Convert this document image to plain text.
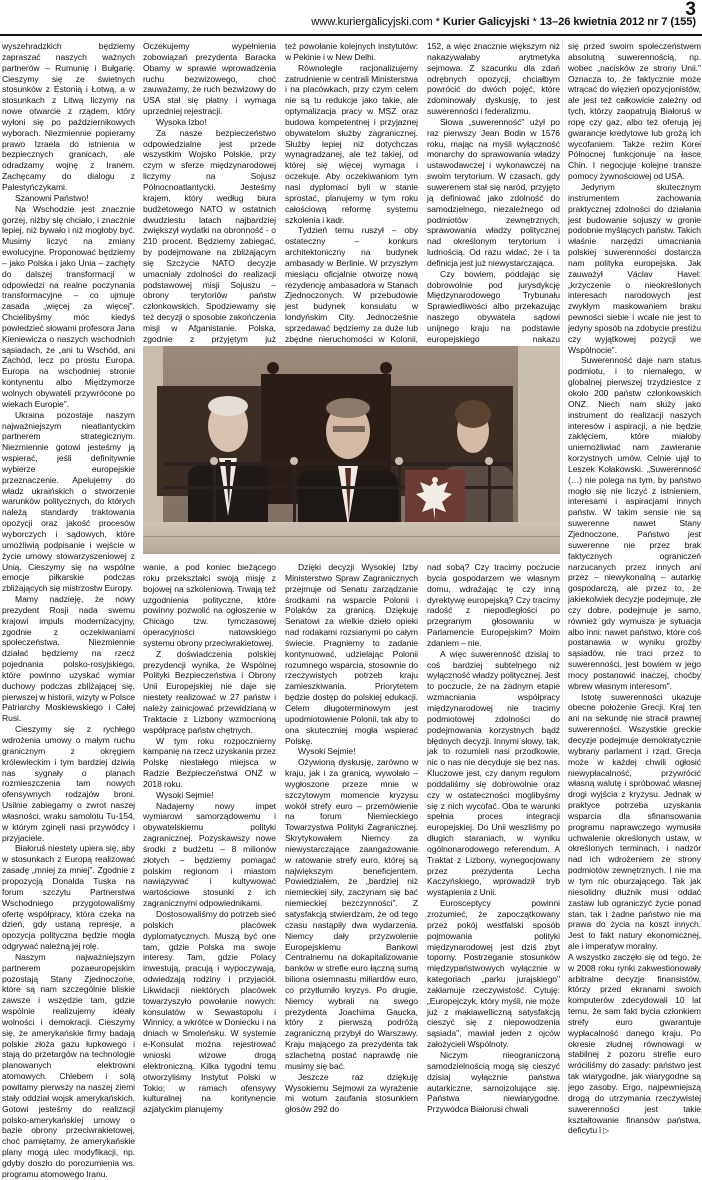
3
www.kuriergalicyjski.com * Kurier Galicyjski * 13–26 kwietnia 2012 nr 7 (155)

wyszehradzkich będziemy zapraszać naszych ważnych partnerów – Rumunię i Bułgarię. Cieszymy się ze świetnych stosunków z Estonią i Łotwą, a w stosunkach z Litwą liczymy na nowe otwarcie z rządem, który wyłoni się po październikowych wyborach. Niezmiennie popieramy prawo Izraela do istnienia w bezpiecznych granicach, ale odradzamy wojnę z Iranem. Zachęcamy do dialogu z Palestyńczykami.

Szanowni Państwo!

Na Wschodzie jest znacznie gorzej, niżby się chciało, i znacznie lepiej, niż bywało i niż mogłoby być. Musimy liczyć na zmiany ewolucyjne. Proponować będziemy – jako Polska i jako Unia – zachęty do dalszej transformacji w odpowiedzi na realne poczynania transformacyjne – co ujmuje zasada „więcej za więcej". Chcielibyśmy móc kiedyś powiedzieć słowami profesora Jana Kieniewicza o naszych wschodnich sąsiadach, że „ani tu Wschód, ani Zachód, lecz po prostu Europa. Europa na wschodniej stronie kontynentu albo Międzymorze wolnych obywateli przywrócone po wiekach Europie".

Ukraina pozostaje naszym najważniejszym nieatlantyckim partnerem strategicznym. Niezmiennie gotowi jesteśmy ją wspierać, jeśli definitywnie wybierze europejskie przeznaczenie. Apelujemy do władz ukraińskich o stworzenie warunków politycznych, do których należą standardy traktowania opozycji oraz jakość procesów wyborczych i sądowych, które umożliwią podpisanie i wejście w życie umowy stowarzyszeniowej z Unią. Cieszymy się na wspólne emocje piłkarskie podczas zbliżających się mistrzostw Europy.

Mamy nadzieję, że nowy prezydent Rosji nada swemu krajowi impuls modernizacyjny, zgodnie z oczekiwaniami społeczeństwa. Niezmiennie działać będziemy na rzecz pojednania polsko-rosyjskiego, które powinno uzyskać wymiar duchowy podczas zbliżającej się, pierwszej w historii, wizyty w Polsce Patriarchy Moskiewskiego i Całej Rusi.

Cieszymy się z rychłego wdrożenia umowy o małym ruchu granicznym z okręgiem królewieckim i tym bardziej dziwią nas sygnały o planach rozmieszczenia tam nowych ofensywnych rodzajów broni. Usilnie zabiegamy o zwrot naszej własności, wraku samolotu Tu-154, w którym zginęli nasi przywódcy i przyjaciele.

Białoruś niestety upiera się, aby w stosunkach z Europą realizować zasadę „mniej za mniej". Zgodnie z propozycją Donalda Tuska na forum szczytu Partnerstwa Wschodniego przygotowaliśmy ofertę współpracy, która czeka na dzień, gdy ustaną represje, a opozycja polityczna będzie mogła odgrywać należną jej rolę.

Naszym najważniejszym partnerem pozaeuropejskim pozostają Stany Zjednoczone, które są nam szczególnie bliskie zawsze i wszędzie tam, gdzie wspólnie realizujemy ideały wolności i demokracji. Cieszymy się, że amerykańskie firmy badają polskie złoża gazu łupkowego i stają do przetargów na technologie planowanych elektrowni atomowych. Chlebem i solą powitamy pierwszy na naszej ziemi stały oddział wojsk amerykańskich. Gotowi jesteśmy do realizacji polsko-amerykańskiej umowy o bazie obrony przeciwrakietowej, choć pamiętamy, że amerykańskie plany mogą ulec modyfikacji, np. gdyby doszło do porozumienia ws. programu atomowego Iranu.

Oczekujemy wypełnienia zobowiązań prezydenta Baracka Obamy w sprawie wprowadzenia ruchu bezwizowego, choć zauważamy, że ruch bezwizowy do USA stał się płatny i wymaga uprzedniej rejestracji.

Wysoka Izbo!

Za nasze bezpieczeństwo odpowiedzialne jest przede wszystkim Wojsko Polskie, przy czym w sferze międzynarodowej liczymy na Sojusz Północnoatlantycki. Jesteśmy krajem, który według biura budżetowego NATO w ostatnich dwudziestu latach najbardziej zwiększył wydatki na obronność - o 210 procent. Będziemy zabiegać, by podejmowane na zbliżającym się Szczycie NATO decyzje umacniały zdolności do realizacji podstawowej misji Sojuszu – obrony terytoriów państw członkowskich. Spodziewamy się też decyzji o sposobie zakończenia misji w Afganistanie. Polska, zgodnie z przyjętym już

też powołanie kolejnych instytutów: w Pekinie i w New Delhi.

Równolegle racjonalizujemy zatrudnienie w centrali Ministerstwa i na placówkach, przy czym celem nie są tu redukcje jako takie, ale optymalizacja pracy w MSZ oraz budowa kompetentnej i przyjaznej obywatelom służby zagranicznej. Służby lepiej niż dotychczas wynagradzanej, ale też takiej, od której się więcej wymaga i oczekuje. Aby oczekiwaniom tym nasi dyplomaci byli w stanie sprostać, planujemy w tym roku całościową reformę systemu szkolenia i kadr.

Tydzień temu ruszył – oby ostateczny – konkurs architektoniczny na budynek ambasady w Berlinie. W przyszłym miesiącu oficjalnie otworzę nową rezydencję ambasadora w Stanach Zjednoczonych. W przebudowie jest budynek konsulatu w londyńskim City. Jednocześnie sprzedawać będziemy za duże lub zbędne nieruchomości w Kolonii,

152, a więc znacznie większym niż nakazywałaby arytmetyka sejmowa. Z szacunku dla zdań odrębnych opozycji, chciałbym powrócić do dwóch pojęć, które zdominowały dyskusję, to jest suwerenności i federalizmu.

Słowa „suwerenność" użył po raz pierwszy Jean Bodin w 1576 roku, mając na myśli wyłączność monarchy do sprawowania władzy ustawodawczej i wykonawczej na swoim terytorium. W czasach, gdy suwerenem stał się naród, przyjęto ją definiować jako zdolność do samodzielnego, niezależnego od podmiotów zewnętrznych, sprawowania władzy politycznej nad określonym terytorium i ludnością. Od razu widać, że i ta definicja jest już niewystarczająca.

Czy bowiem, poddając się dobrowolnie pod jurysdykcję Międzynarodowego Trybunału Sprawiedliwości albo przekazując naszego obywatela sądowi unijnego kraju na podstawie europejskiego nakazu

wanie, a pod koniec bieżącego roku przekształci swoją misję z bojowej na szkoleniową. Trwają też uzgodnienia polityczne, które powinny pozwolić na ogłoszenie w Chicago tzw. tymczasowej operacyjności natowskiego systemu obrony przeciwrakietowej.

Z doświadczenia polskiej prezydencji wynika, że Wspólnej Polityki Bezpieczeństwa i Obrony Unii Europejskiej nie daje się niestety realizować w 27 państw i należy zainicjować przewidzianą w Traktacie z Lizbony wzmocnioną współpracę państw chętnych.

W tym roku rozpoczniemy kampanię na rzecz uzyskania przez Polskę niestałego miejsca w Radzie Bezpieczeństwa ONZ w 2018 roku.

Wysoki Sejmie!

Nadajemy nowy impet wymiarowi samorządowemu i obywatelskiemu polityki zagranicznej. Pozyskawszy nowe środki z budżetu – 8 milionów złotych – będziemy pomagać polskim regionom i miastom nawiązywać i kultywować wartościowe stosunki z ich zagranicznymi odpowiednikami.

Dostosowaliśmy do potrzeb sieć polskich placówek dyplomatycznych. Muszą być one tam, gdzie Polska ma swoje interesy. Tam, gdzie Polacy inwestują, pracują i wypoczywają, odwiedzają rodziny i przyjaciół. Likwidacji niektórych placówek towarzyszyło powołanie nowych: konsulatów w Sewastopolu i Winnicy, a wkrótce w Doniecku i na dniach w Smoleńsku. W systemie e-Konsulat można rejestrować wnioski wizowe drogą elektroniczną. Kilka tygodni temu otworzyliśmy Instytut Polski w Tokio; w ramach ofensywy kulturalnej na kontynencie azjatyckim planujemy

Dzięki decyzji Wysokiej Izby Ministerstwo Spraw Zagranicznych przejmuje od Senatu zarządzanie środkami na wsparcie Polonii i Polaków za granicą. Dziękuję Senatowi za wielkie dzieło opieki nad rodakami rozsianymi po całym świecie. Pragniemy to zadanie kontynuować, udzielając Polonii rozumnego wsparcia, stosownie do rzeczywistych potrzeb kraju zamieszkiwania. Priorytetem będzie dostęp do polskiej edukacji. Celem długoterminowym jest upodmiotowienie Polonii, tak aby to ona skuteczniej mogła wspierać Polskę.

Wysoki Sejmie!

Ożywioną dyskusję, zarówno w kraju, jak i za granicą, wywołało – wygłoszone przeze mnie w szczytowym momencie kryzysu wokół strefy euro – przemówienie na forum Niemieckiego Towarzystwa Polityki Zagranicznej. Skrytykowałem Niemcy za niewystarczające zaangażowanie w ratowanie strefy euro, której są największym beneficjentem. Powiedziałem, że „bardziej niż niemieckiej siły, zaczynam się bać niemieckiej bezczynności". Z satysfakcją stwierdzam, że od tego czasu nastąpiły dwa wydarzenia. Niemcy dały przyzwolenie Europejskiemu Bankowi Centralnemu na dokapitalizowanie banków w strefie euro łączną sumą biliona osiemnastu miliardów euro, co przytłumiło kryzys. Po drugie, Niemcy wybrali na swego prezydenta Joachima Gaucka, który z pierwszą podróżą zagraniczną przybył do Warszawy. Kraju mającego za prezydenta tak szlachetną postać naprawdę nie musimy się bać.

Jeszcze raz dziękuję Wysokiemu Sejmowi za wyrażenie mi wotum zaufania stosunkiem głosów 292 do

nad sobą? Czy tracimy poczucie bycia gospodarzem we własnym domu, wdrażając tę czy inną dyrektywę europejską? Czy tracimy radość z niepodległości po przegranym głosowaniu w Parlamencie Europejskim? Moim zdaniem – nie.

A więc suwerenność dzisiaj to coś bardziej subtelnego niż wyłączność władzy politycznej. Jest to poczucie, że na żadnym etapie wzmacniania współpracy międzynarodowej nie tracimy podmiotowej zdolności do podejmowania korzystnych bądź błędnych decyzji. Innymi słowy, tak, jak to rozumieli nasi przodkowie, nic o nas nie decyduje się bez nas. Kluczowe jest, czy danym regułom poddaliśmy się dobrowolnie oraz czy w ostateczności moglibyśmy się z nich wycofać. Oba te warunki spełnia proces integracji europejskiej. Do Unii weszliśmy po długich staraniach, w wyniku ogólnonarodowego referendum. A Traktat z Lizbony, wynegocjowany przez prezydenta Lecha Kaczyńskiego, wprowadził tryb wystąpienia z Unii.

Eurosceptycy powinni zrozumieć, że zapoczątkowany przez pokój westfalski sposób pojmowania polityki międzynarodowej jest dziś zbyt toporny. Postrzeganie stosunków międzypaństwowych wyłącznie w kategoriach „parku jurajskiego" zakłamuje rzeczywistość. Cytuję: „Europejczyk, który myśli, nie może już z makiawelliczną satysfakcją cieszyć się z niepowodzenia sąsiada", mawiał jeden z ojców założycieli Wspólnoty.

Niczym nieograniczoną samodzielnością mogą się cieszyć dzisiaj wyłącznie państwa autarkiczne, samoizolujące się. Państwa niewiarygodne. Przywódca Białorusi chwali

się przed swoim społeczeństwem absolutną suwerennością, np. wobec „nacisków ze strony Unii." Oznacza to, że faktycznie może wtrącać do więzień opozycjonistów, ale jest też całkowicie zależny od tych, którzy zaopatrują Białoruś w ropę czy gaz, albo też oferują jej gwarancje kredytowe lub grożą ich wycofaniem. Także reżim Korei Północnej funkcjonuje na łasce Chin. I negocjuje kolejne transze pomocy żywnościowej od USA.

Jedynym skutecznym instrumentem zachowania praktycznej zdolności do działania jest budowanie sojuszy w gronie podobnie myślących państw. Takich właśnie narzędzi umacniania polskiej suwerenności dostarcza nam polityka europejska. Jak zauważył Václav Havel: „krzyczenie o nieokreślonych interesach narodowych jest zwykłym maskowaniem braku pewności siebie i wcale nie jest to jedyny sposób na zdobycie prestiżu czy wyjątkowej pozycji we Wspólnocie".

Suwerenność daje nam status podmiotu, i to niemałego, w globalnej pierwszej trzydziestce z około 200 państw członkowskich ONZ. Niech nam służy jako instrument do realizacji naszych interesów i aspiracji, a nie będzie zaklęciem, które miałoby uniemożliwiać nam zawieranie korzystnych umów. Celnie ujął to Leszek Kołakowski. „Suwerenność (…) nie polega na tym, by państwo mogło się nie liczyć z istnieniem, interesami i aspiracjami innych państw. W takim sensie nie są suwerenne nawet Stany Zjednoczone. Państwo jest suwerenne nie przez brak faktycznych ograniczeń narzucanych przez innych ani przez – niewykonalną – autarkię gospodarczą, ale przez to, że jakiekolwiek decyzje podejmuje, złe czy dobre, podejmuje je samo, również gdy wymusza je sytuacja albo inni: nawet państwo, które coś postanawia w wyniku groźby sąsiadów, nie traci przez to suwerenności, jest bowiem w jego mocy postanowić inaczej, choćby wbrew własnym interesom".

Istotę suwerenności ukazuje obecne położenie Grecji. Kraj ten ani na sekundę nie stracił prawnej suwerenności. Wszystkie greckie decyzje podejmuje demokratycznie wybrany parlament i rząd. Grecja może w każdej chwili ogłosić niewypłacalność, przywrócić własną walutę i spróbować własnej drogi wyjścia z kryzysu. Jednak w praktyce potrzeba uzyskania wsparcia dla sfinansowania programu naprawczego wymusiła uchwalenie określonych ustaw, w określonych terminach, i nadzór nad ich wdrożeniem ze strony podmiotów zewnętrznych. I nie ma w tym nic oburzającego. Tak jak niesolidny dłużnik musi oddać zastaw lub ograniczyć życie ponad stan, tak i żadne państwo nie ma prawa do życia na koszt innych. Jest to fakt natury ekonomicznej, ale i imperatyw moralny.

A wszystko zaczęło się od tego, że w 2008 roku rynki zakwestionowały arbitralne decyzje finansistów, którzy przed ekranami swoich komputerów zdecydowali 10 lat temu, że sam fakt bycia członkiem strefy euro gwarantuje wypłacalność danego kraju. Po okresie złudnej równowagi w stabilnej z pozoru strefie euro wróciliśmy do zasady: państwo jest tak wiarygodne, jak wiarygodne są jego zasoby. Ergo, najpewniejszą drogą do utrzymania rzeczywistej suwerenności jest takie kształtowanie finansów państwa, deficytu i ▷
